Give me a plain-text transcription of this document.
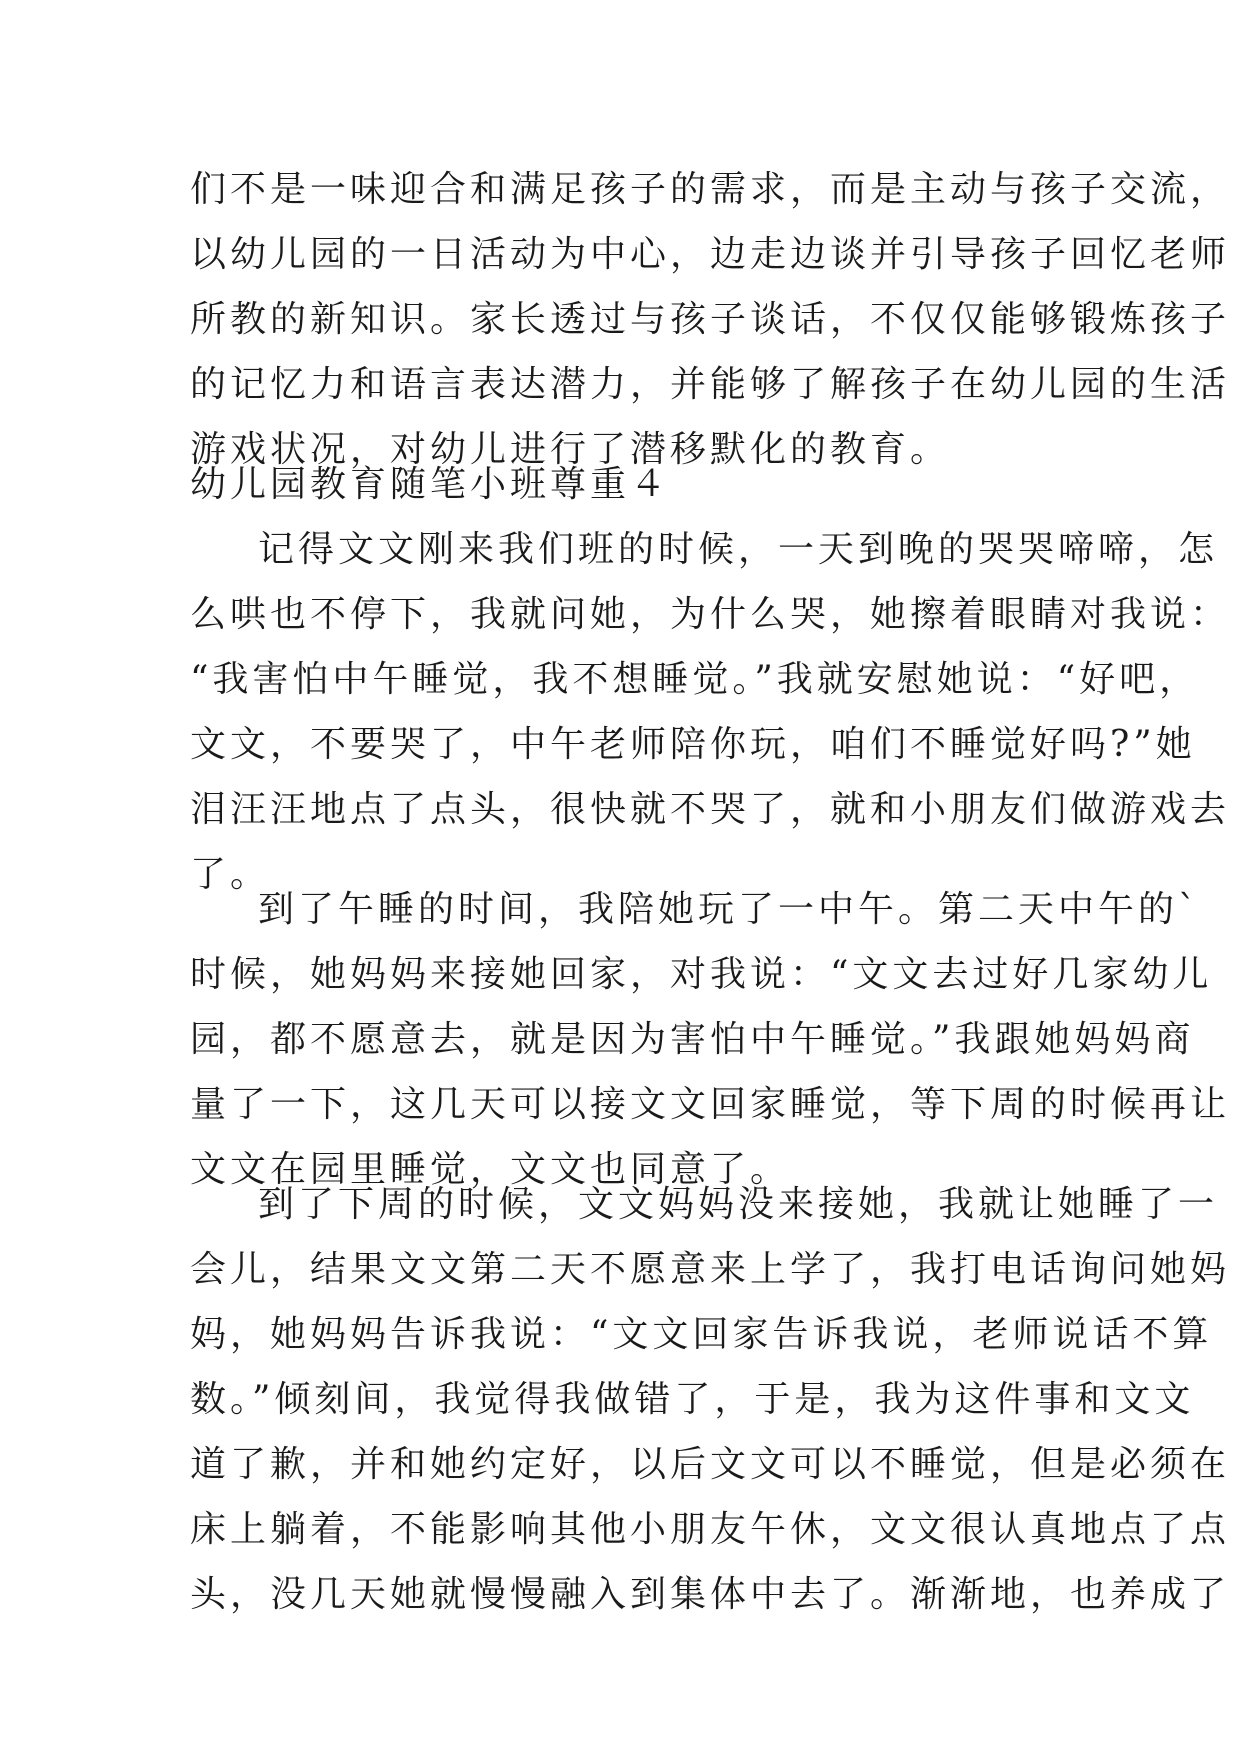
们不是一味迎合和满足孩子的需求，而是主动与孩子交流，
以幼儿园的一日活动为中心，边走边谈并引导孩子回忆老师
所教的新知识。家长透过与孩子谈话，不仅仅能够锻炼孩子
的记忆力和语言表达潜力，并能够了解孩子在幼儿园的生活
游戏状况，对幼儿进行了潜移默化的教育。
幼儿园教育随笔小班尊重４
记得文文刚来我们班的时候，一天到晚的哭哭啼啼，怎
么哄也不停下，我就问她，为什么哭，她擦着眼睛对我说：
“我害怕中午睡觉，我不想睡觉。”我就安慰她说：“好吧，
文文，不要哭了，中午老师陪你玩，咱们不睡觉好吗?”她
泪汪汪地点了点头，很快就不哭了，就和小朋友们做游戏去
了。
到了午睡的时间，我陪她玩了一中午。第二天中午的`
时候，她妈妈来接她回家，对我说：“文文去过好几家幼儿
园，都不愿意去，就是因为害怕中午睡觉。”我跟她妈妈商
量了一下，这几天可以接文文回家睡觉，等下周的时候再让
文文在园里睡觉，文文也同意了。
到了下周的时候，文文妈妈没来接她，我就让她睡了一
会儿，结果文文第二天不愿意来上学了，我打电话询问她妈
妈，她妈妈告诉我说：“文文回家告诉我说，老师说话不算
数。”倾刻间，我觉得我做错了，于是，我为这件事和文文
道了歉，并和她约定好，以后文文可以不睡觉，但是必须在
床上躺着，不能影响其他小朋友午休，文文很认真地点了点
头，没几天她就慢慢融入到集体中去了。渐渐地，也养成了
